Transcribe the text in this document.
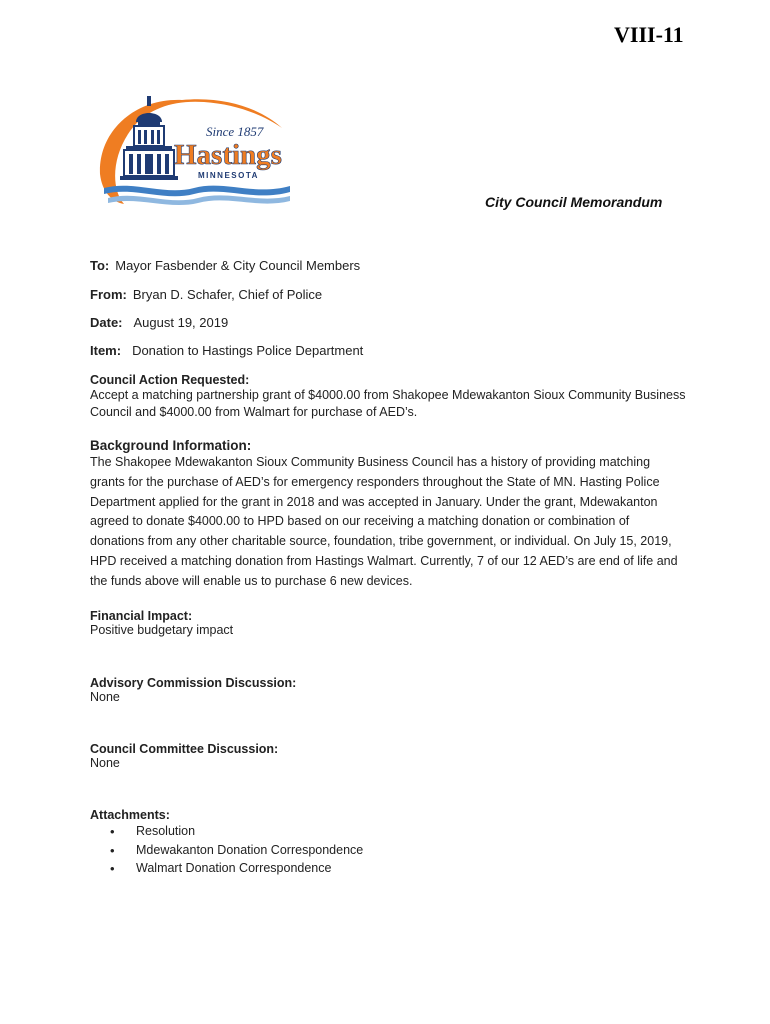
VIII-11
Since 1857
Hastings
MINNESOTA
City Council Memorandum
To: Mayor Fasbender & City Council Members
From: Bryan D. Schafer, Chief of Police
Date: August 19, 2019
Item: Donation to Hastings Police Department
Council Action Requested:
Accept a matching partnership grant of $4000.00 from Shakopee Mdewakanton Sioux Community Business Council and $4000.00 from Walmart for purchase of AED’s.
Background Information:
The Shakopee Mdewakanton Sioux Community Business Council has a history of providing matching grants for the purchase of AED’s for emergency responders throughout the State of MN. Hasting Police Department applied for the grant in 2018 and was accepted in January. Under the grant, Mdewakanton agreed to donate $4000.00 to HPD based on our receiving a matching donation or combination of donations from any other charitable source, foundation, tribe government, or individual. On July 15, 2019, HPD received a matching donation from Hastings Walmart. Currently, 7 of our 12 AED’s are end of life and the funds above will enable us to purchase 6 new devices.
Financial Impact:
Positive budgetary impact
Advisory Commission Discussion:
None
Council Committee Discussion:
None
Attachments:
• Resolution
• Mdewakanton Donation Correspondence
• Walmart Donation Correspondence
